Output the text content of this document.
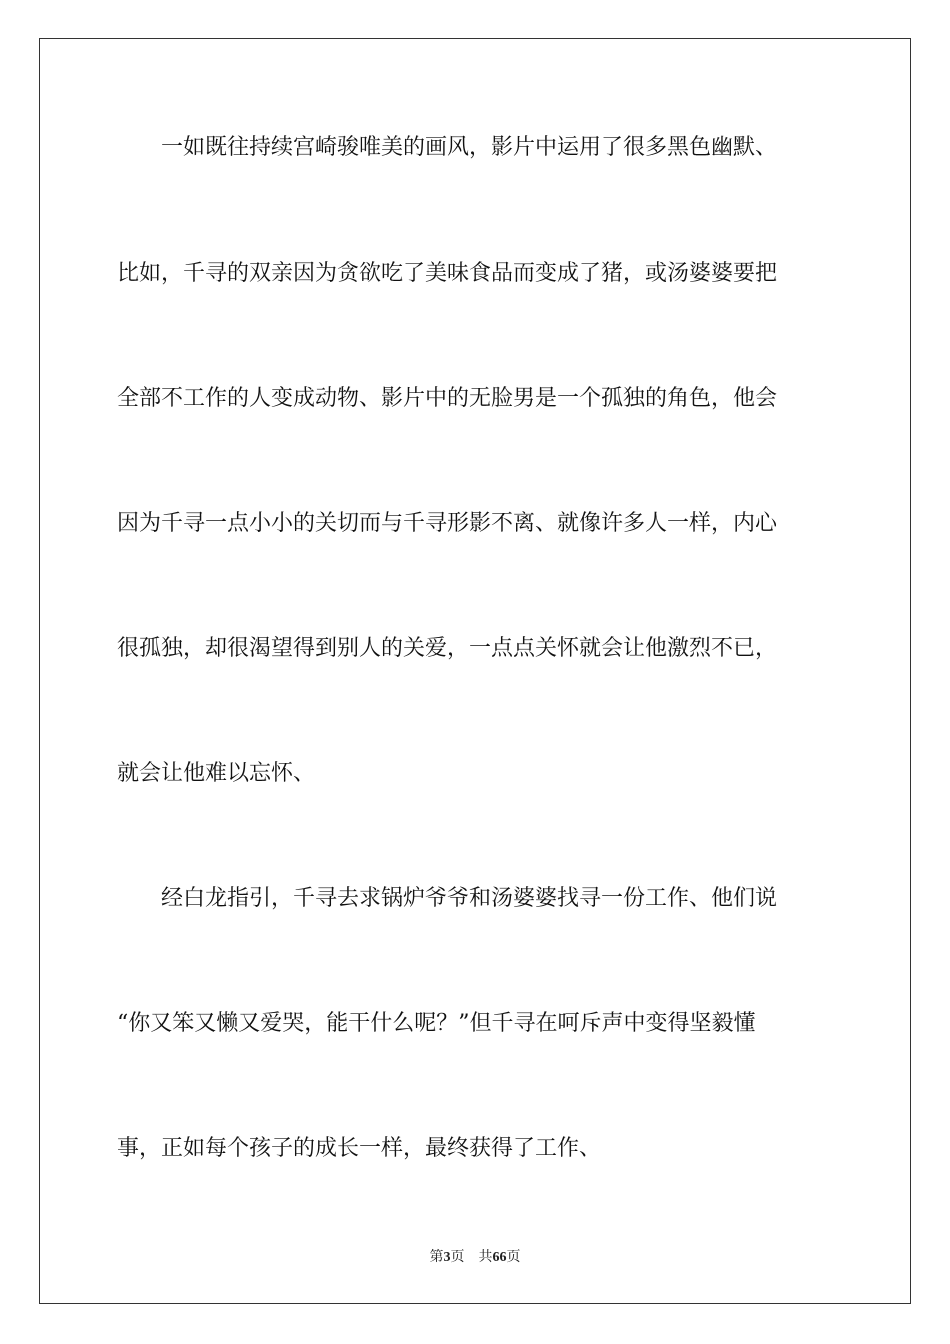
　　一如既往持续宫崎骏唯美的画风，影片中运用了很多黑色幽默、
比如，千寻的双亲因为贪欲吃了美味食品而变成了猪，或汤婆婆要把
全部不工作的人变成动物、影片中的无脸男是一个孤独的角色，他会
因为千寻一点小小的关切而与千寻形影不离、就像许多人一样，内心
很孤独，却很渴望得到别人的关爱，一点点关怀就会让他激烈不已，
就会让他难以忘怀、
　　经白龙指引，千寻去求锅炉爷爷和汤婆婆找寻一份工作、他们说
“你又笨又懒又爱哭，能干什么呢？”但千寻在呵斥声中变得坚毅懂
事，正如每个孩子的成长一样，最终获得了工作、
第3页 共66页
